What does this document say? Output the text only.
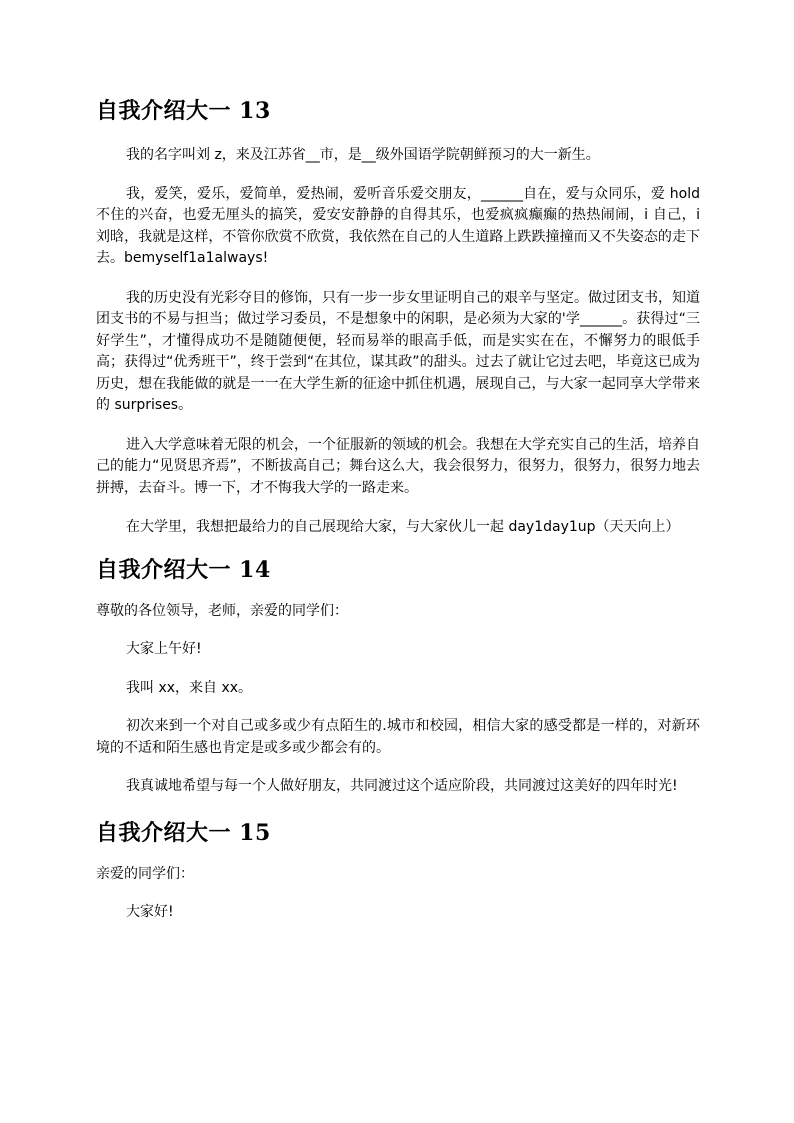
自我介绍大一 13

我的名字叫刘 z，来及江苏省__市，是__级外国语学院朝鲜预习的大一新生。

我，爱笑，爱乐，爱简单，爱热闹，爱听音乐爱交朋友，______自在，爱与众同乐，爱 hold 不住的兴奋，也爱无厘头的搞笑，爱安安静静的自得其乐，也爱疯疯癫癫的热热闹闹，i 自己，i 刘晗，我就是这样，不管你欣赏不欣赏，我依然在自己的人生道路上跌跌撞撞而又不失姿态的走下去。bemyself1a1always!

我的历史没有光彩夺目的修饰，只有一步一步女里证明自己的艰辛与坚定。做过团支书，知道团支书的不易与担当；做过学习委员，不是想象中的闲职，是必须为大家的'学______。获得过“三好学生”，才懂得成功不是随随便便，轻而易举的眼高手低，而是实实在在，不懈努力的眼低手高；获得过“优秀班干”，终于尝到“在其位，谋其政”的甜头。过去了就让它过去吧，毕竟这已成为历史，想在我能做的就是一一在大学生新的征途中抓住机遇，展现自己，与大家一起同享大学带来的 surprises。

进入大学意味着无限的机会，一个征服新的领域的机会。我想在大学充实自己的生活，培养自己的能力“见贤思齐焉”，不断拔高自己；舞台这么大，我会很努力，很努力，很努力，很努力地去拼搏，去奋斗。博一下，才不悔我大学的一路走来。

在大学里，我想把最给力的自己展现给大家，与大家伙儿一起 day1day1up（天天向上）

自我介绍大一 14

尊敬的各位领导，老师，亲爱的同学们：

大家上午好!

我叫 xx，来自 xx。

初次来到一个对自己或多或少有点陌生的.城市和校园，相信大家的感受都是一样的，对新环境的不适和陌生感也肯定是或多或少都会有的。

我真诚地希望与每一个人做好朋友，共同渡过这个适应阶段，共同渡过这美好的四年时光!

自我介绍大一 15

亲爱的同学们：

大家好!
